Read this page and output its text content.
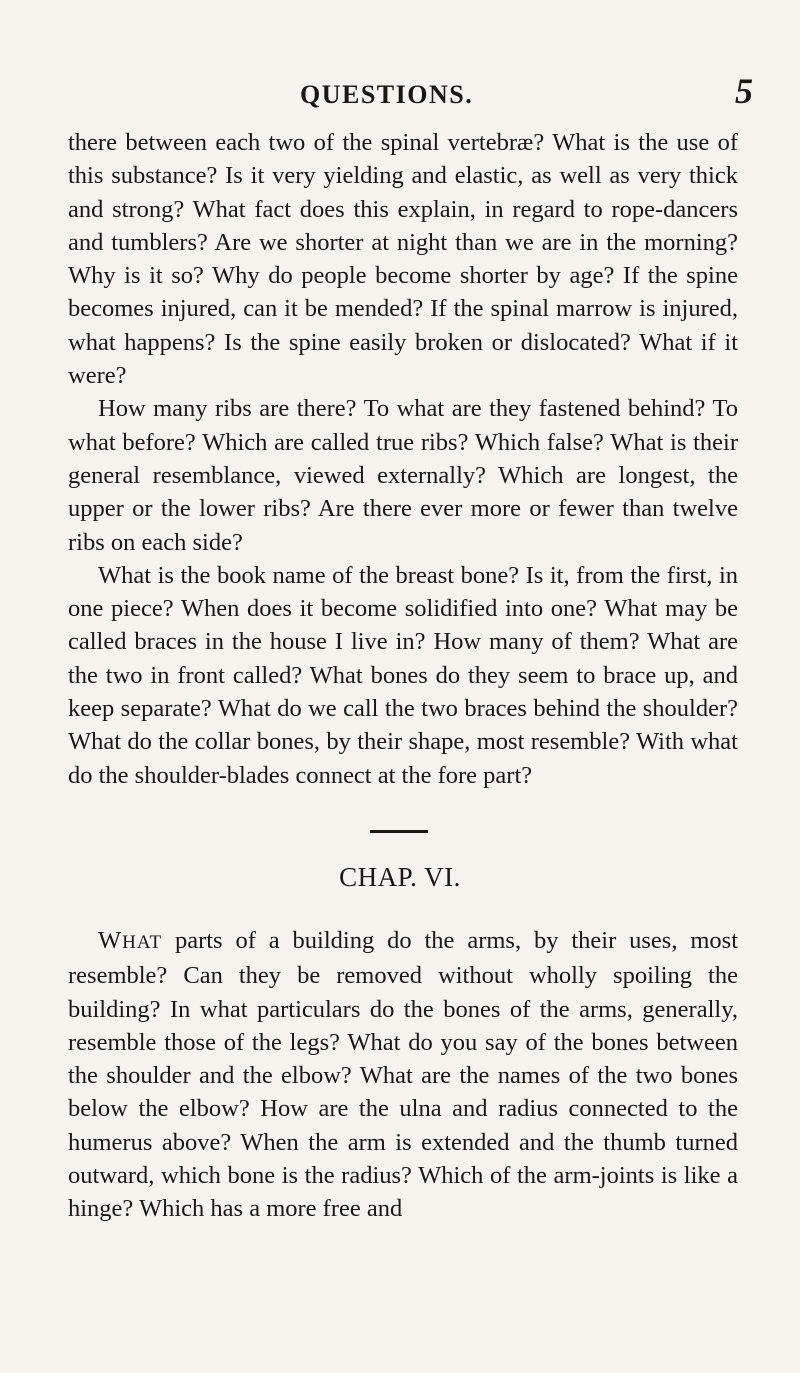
QUESTIONS.	5

there between each two of the spinal vertebræ? What is the use of this substance? Is it very yielding and elastic, as well as very thick and strong? What fact does this explain, in regard to rope-dancers and tumblers? Are we shorter at night than we are in the morning? Why is it so? Why do people become shorter by age? If the spine becomes injured, can it be mended? If the spinal marrow is injured, what happens? Is the spine easily broken or dislocated? What if it were?

How many ribs are there? To what are they fastened behind? To what before? Which are called true ribs? Which false? What is their general resemblance, viewed externally? Which are longest, the upper or the lower ribs? Are there ever more or fewer than twelve ribs on each side?

What is the book name of the breast bone? Is it, from the first, in one piece? When does it become solidified into one? What may be called braces in the house I live in? How many of them? What are the two in front called? What bones do they seem to brace up, and keep separate? What do we call the two braces behind the shoulder? What do the collar bones, by their shape, most resemble? With what do the shoulder-blades connect at the fore part?

CHAP. VI.

WHAT parts of a building do the arms, by their uses, most resemble? Can they be removed without wholly spoiling the building? In what particulars do the bones of the arms, generally, resemble those of the legs? What do you say of the bones between the shoulder and the elbow? What are the names of the two bones below the elbow? How are the ulna and radius connected to the humerus above? When the arm is extended and the thumb turned outward, which bone is the radius? Which of the arm-joints is like a hinge? Which has a more free and
